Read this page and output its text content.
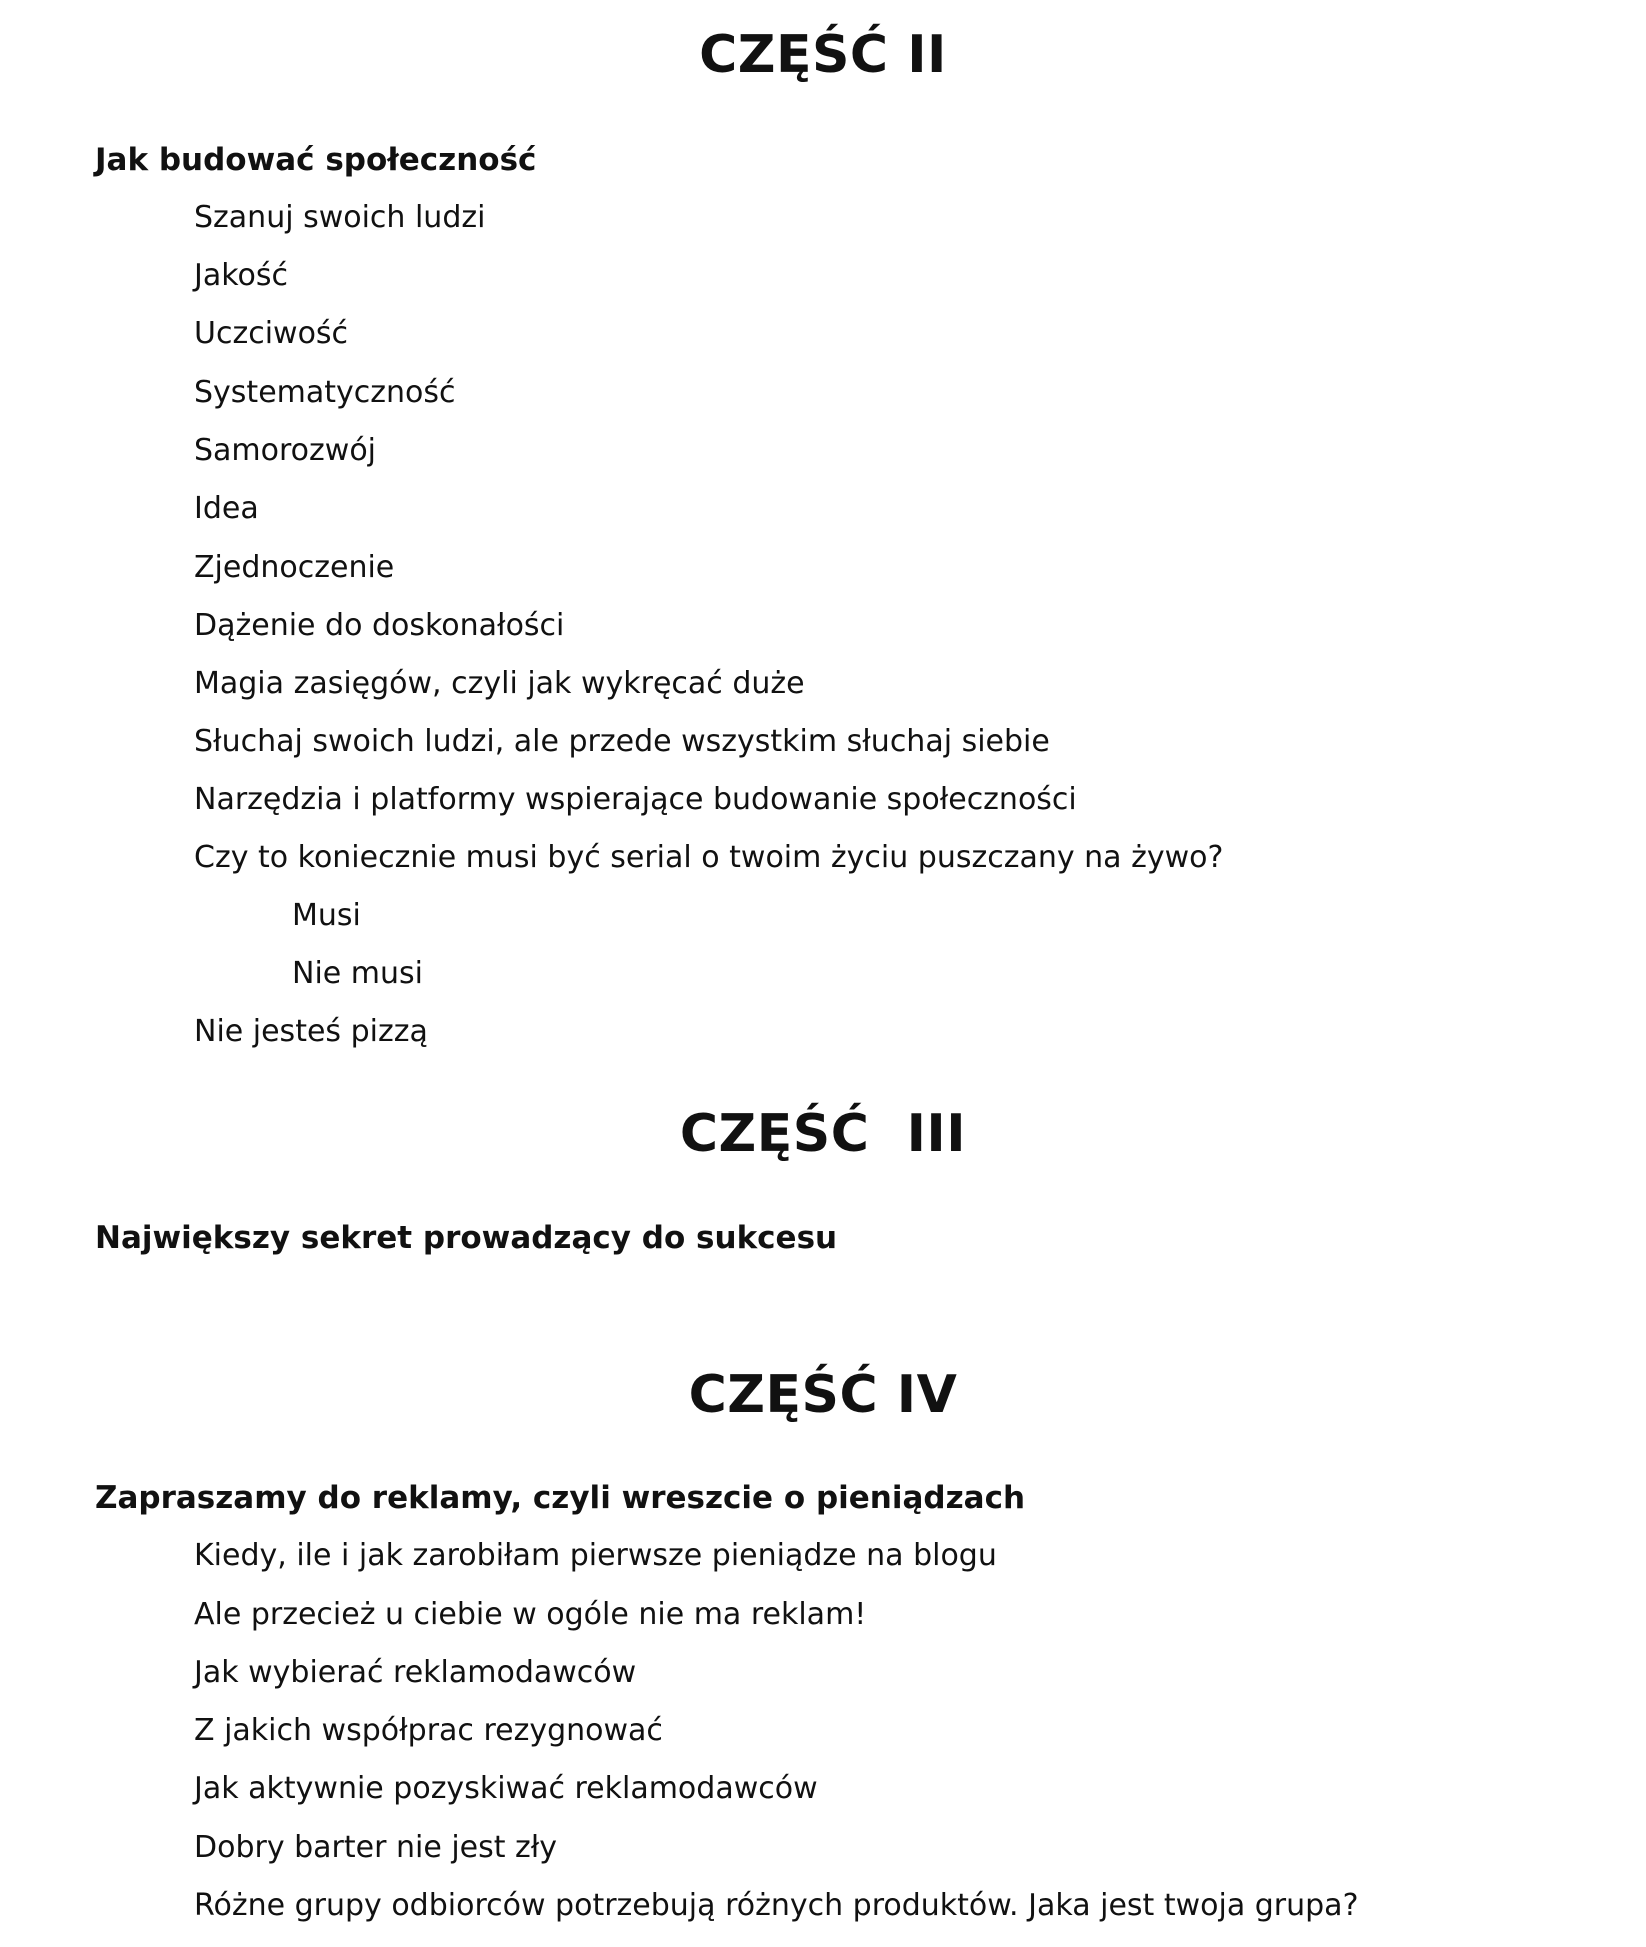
CZĘŚĆ II
Jak budować społeczność
Szanuj swoich ludzi
Jakość
Uczciwość
Systematyczność
Samorozwój
Idea
Zjednoczenie
Dążenie do doskonałości
Magia zasięgów, czyli jak wykręcać duże
Słuchaj swoich ludzi, ale przede wszystkim słuchaj siebie
Narzędzia i platformy wspierające budowanie społeczności
Czy to koniecznie musi być serial o twoim życiu puszczany na żywo?
Musi
Nie musi
Nie jesteś pizzą
CZĘŚĆ  III
Największy sekret prowadzący do sukcesu
CZĘŚĆ IV
Zapraszamy do reklamy, czyli wreszcie o pieniądzach
Kiedy, ile i jak zarobiłam pierwsze pieniądze na blogu
Ale przecież u ciebie w ogóle nie ma reklam!
Jak wybierać reklamodawców
Z jakich współprac rezygnować
Jak aktywnie pozyskiwać reklamodawców
Dobry barter nie jest zły
Różne grupy odbiorców potrzebują różnych produktów. Jaka jest twoja grupa?
